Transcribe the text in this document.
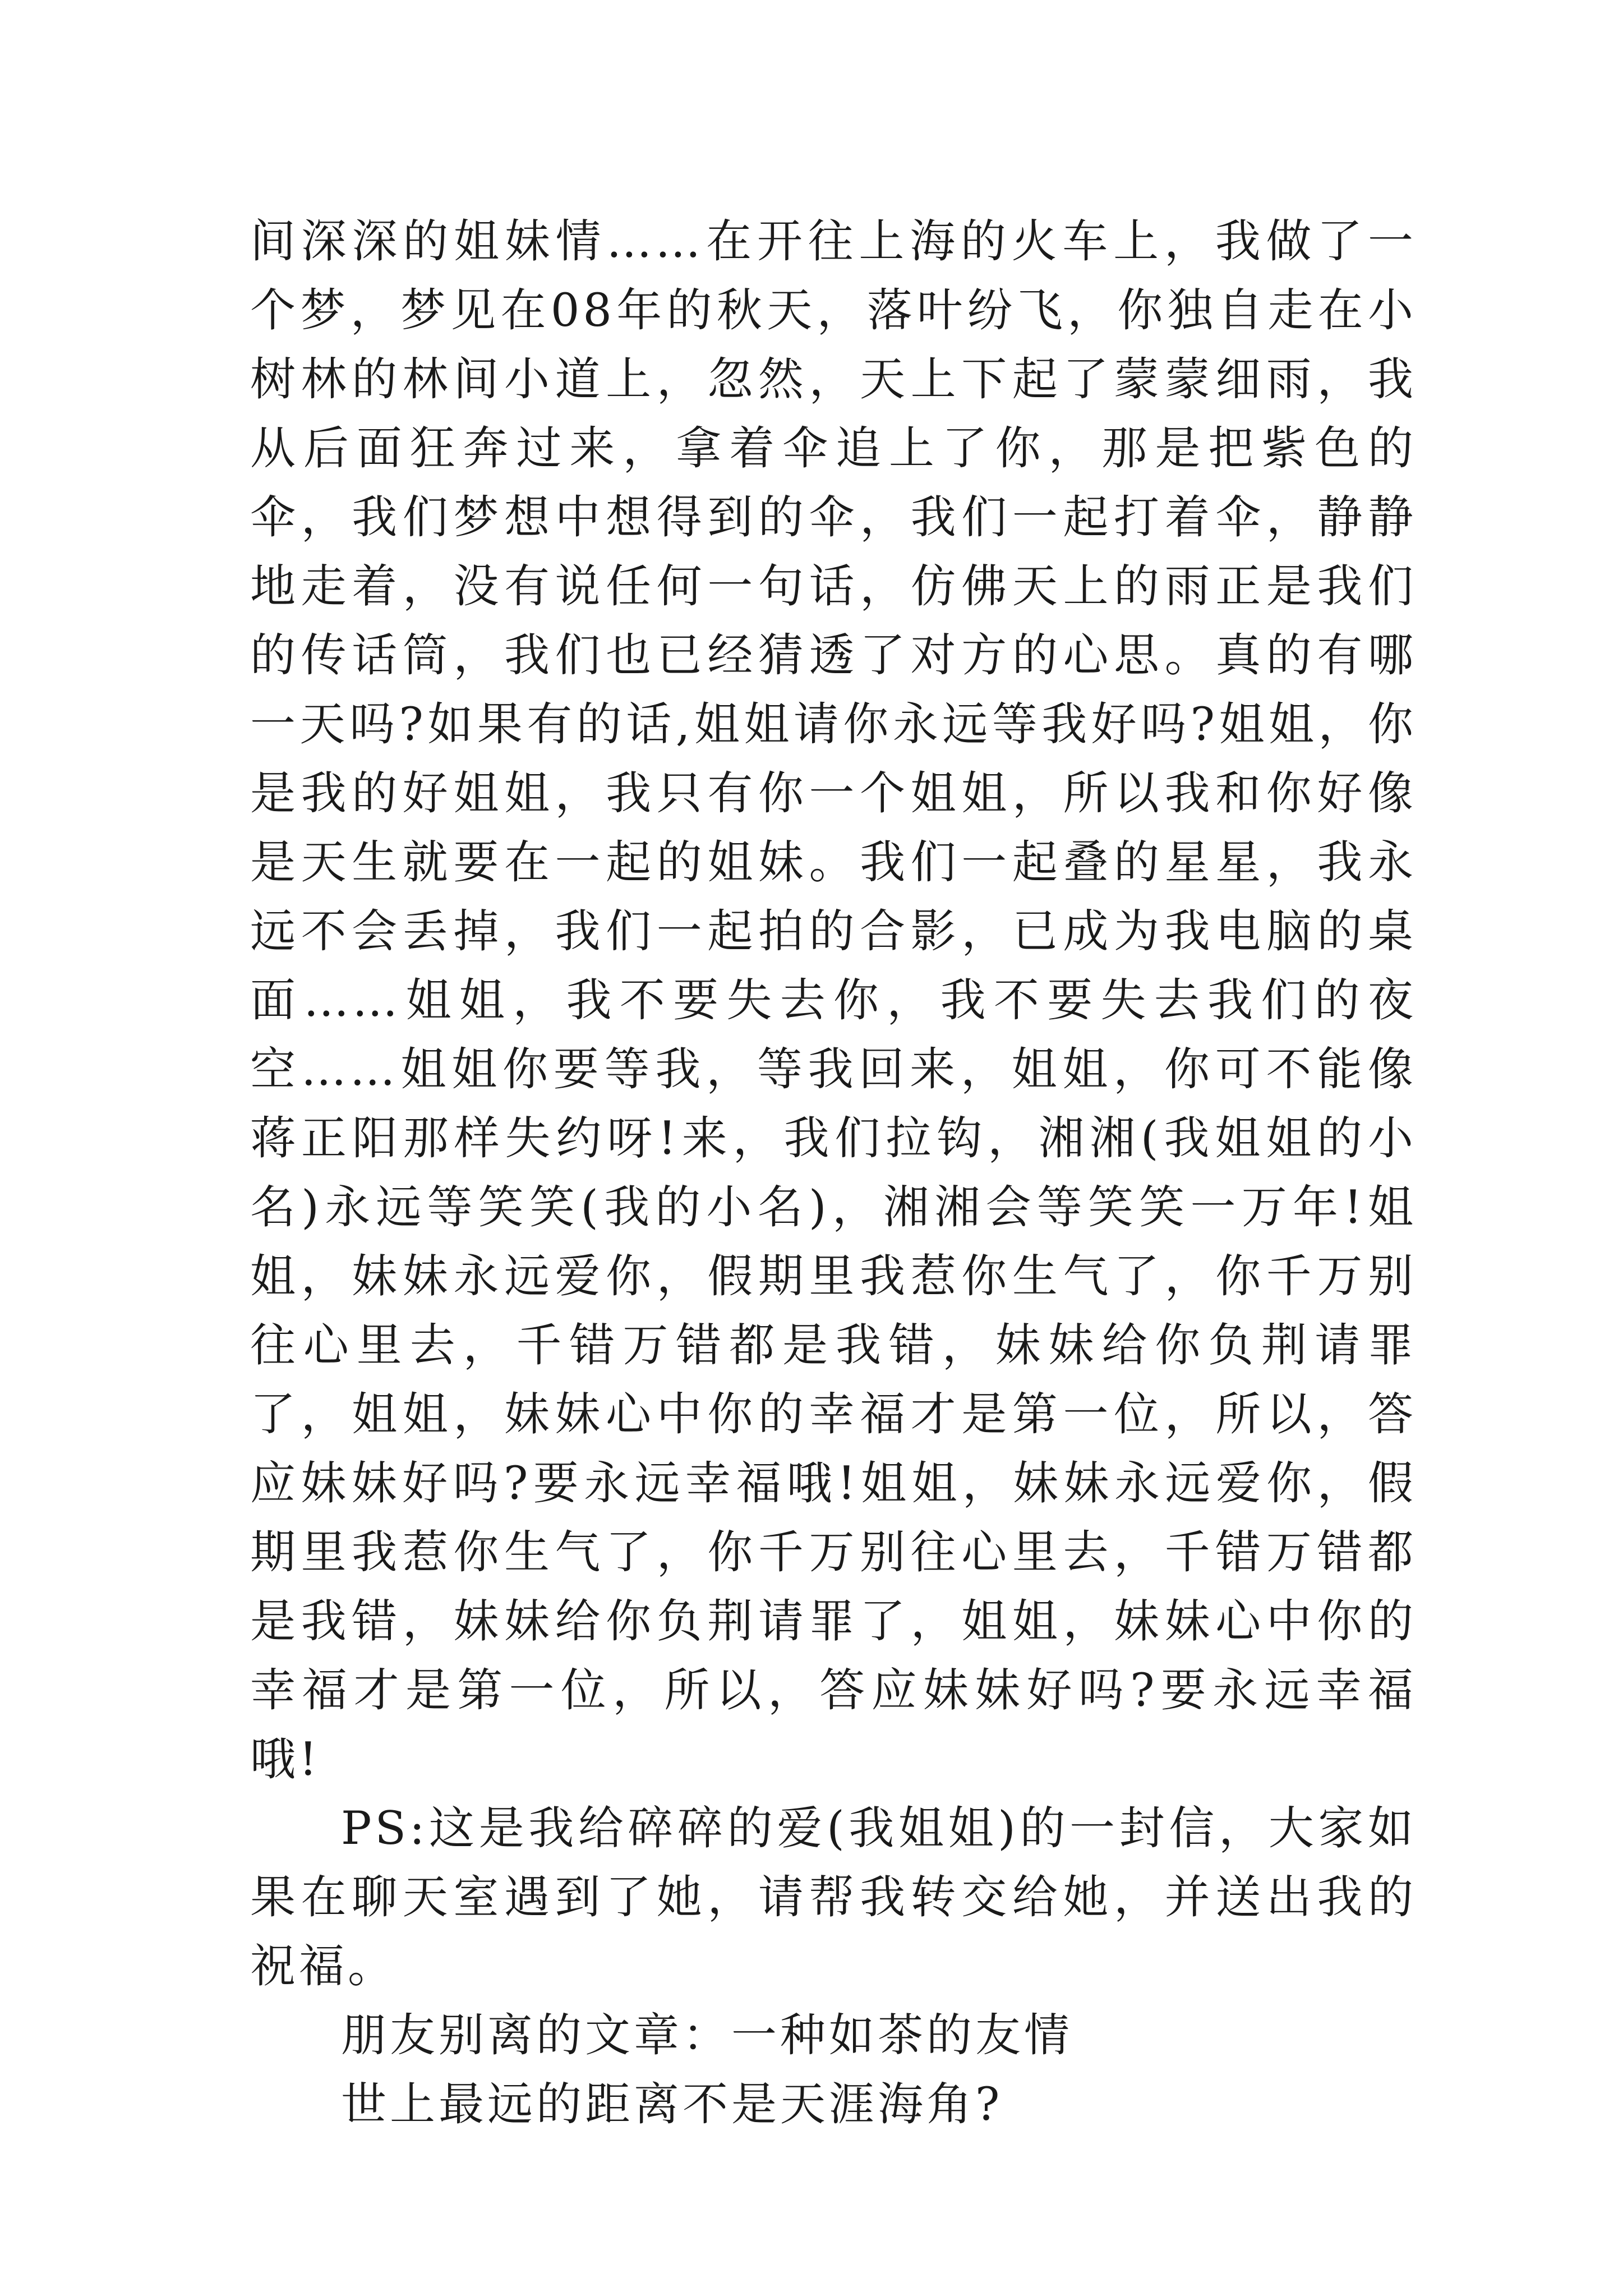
间深深的姐妹情……在开往上海的火车上，我做了一个梦，梦见在08年的秋天，落叶纷飞，你独自走在小树林的林间小道上，忽然，天上下起了蒙蒙细雨，我从后面狂奔过来，拿着伞追上了你，那是把紫色的伞，我们梦想中想得到的伞，我们一起打着伞，静静地走着，没有说任何一句话，仿佛天上的雨正是我们的传话筒，我们也已经猜透了对方的心思。真的有哪一天吗?如果有的话,姐姐请你永远等我好吗?姐姐，你是我的好姐姐，我只有你一个姐姐，所以我和你好像是天生就要在一起的姐妹。我们一起叠的星星，我永远不会丢掉，我们一起拍的合影，已成为我电脑的桌面……姐姐，我不要失去你，我不要失去我们的夜空……姐姐你要等我，等我回来，姐姐，你可不能像蒋正阳那样失约呀!来，我们拉钩，湘湘(我姐姐的小名)永远等笑笑(我的小名)，湘湘会等笑笑一万年!姐姐，妹妹永远爱你，假期里我惹你生气了，你千万别往心里去，千错万错都是我错，妹妹给你负荆请罪了，姐姐，妹妹心中你的幸福才是第一位，所以，答应妹妹好吗?要永远幸福哦!姐姐，妹妹永远爱你，假期里我惹你生气了，你千万别往心里去，千错万错都是我错，妹妹给你负荆请罪了，姐姐，妹妹心中你的幸福才是第一位，所以，答应妹妹好吗?要永远幸福哦!

PS:这是我给碎碎的爱(我姐姐)的一封信，大家如果在聊天室遇到了她，请帮我转交给她，并送出我的祝福。

朋友别离的文章：一种如茶的友情

世上最远的距离不是天涯海角?
